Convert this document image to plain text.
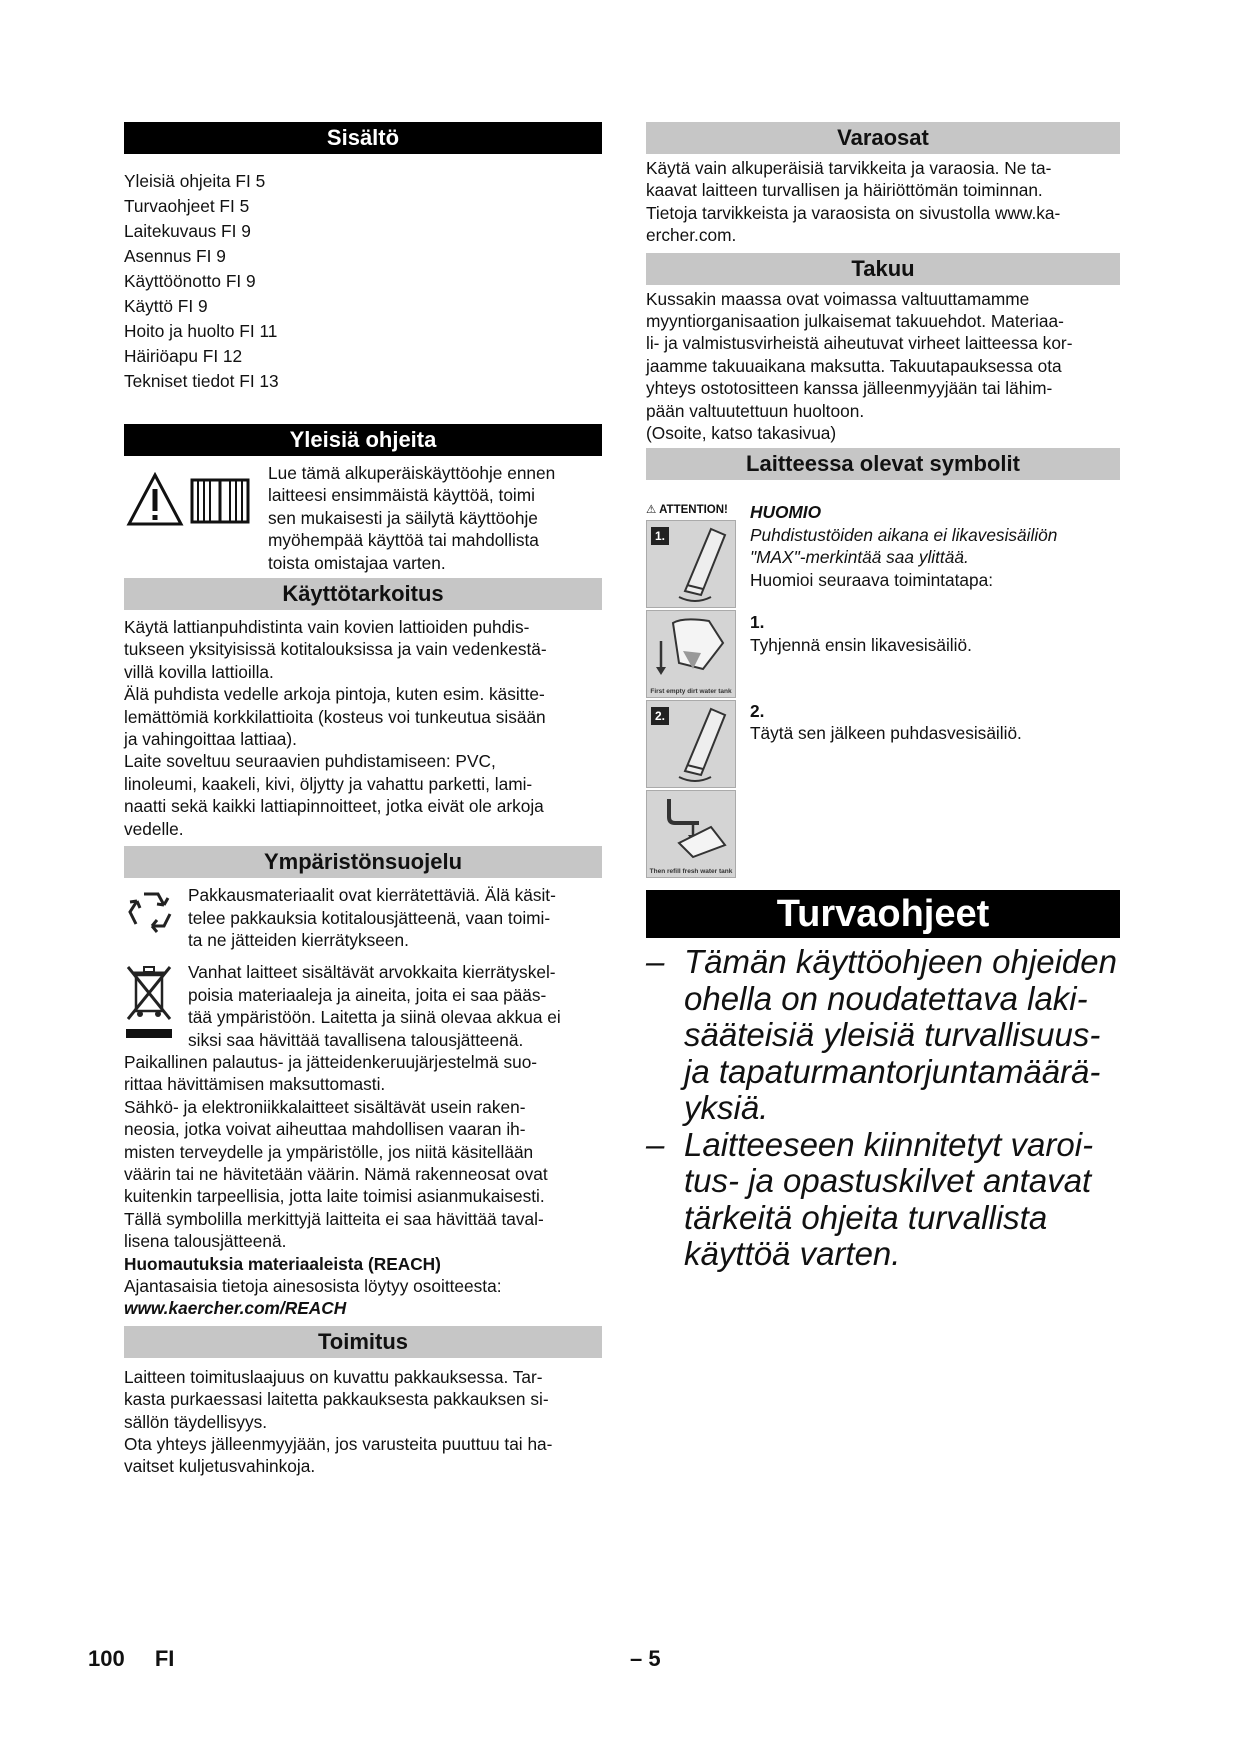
Sisältö
Yleisiä ohjeita FI 5
Turvaohjeet FI 5
Laitekuvaus FI 9
Asennus FI 9
Käyttöönotto FI 9
Käyttö FI 9
Hoito ja huolto FI 11
Häiriöapu FI 12
Tekniset tiedot FI 13
Yleisiä ohjeita
Lue tämä alkuperäiskäyttöohje ennen
laitteesi ensimmäistä käyttöä, toimi
sen mukaisesti ja säilytä käyttöohje
myöhempää käyttöä tai mahdollista
toista omistajaa varten.
Käyttötarkoitus
Käytä lattianpuhdistinta vain kovien lattioiden puhdis-
tukseen yksityisissä kotitalouksissa ja vain vedenkestä-
villä kovilla lattioilla.
Älä puhdista vedelle arkoja pintoja, kuten esim. käsitte-
lemättömiä korkkilattioita (kosteus voi tunkeutua sisään
ja vahingoittaa lattiaa).
Laite soveltuu seuraavien puhdistamiseen: PVC,
linoleumi, kaakeli, kivi, öljytty ja vahattu parketti, lami-
naatti sekä kaikki lattiapinnoitteet, jotka eivät ole arkoja
vedelle.
Ympäristönsuojelu
Pakkausmateriaalit ovat kierrätettäviä. Älä käsit-
telee pakkauksia kotitalousjätteenä, vaan toimi-
ta ne jätteiden kierrätykseen.
Vanhat laitteet sisältävät arvokkaita kierrätyskel-
poisia materiaaleja ja aineita, joita ei saa pääs-
tää ympäristöön. Laitetta ja siinä olevaa akkua ei
siksi saa hävittää tavallisena talousjätteenä.
Paikallinen palautus- ja jätteidenkeruujärjestelmä suo-
rittaa hävittämisen maksuttomasti.
Sähkö- ja elektroniikkalaitteet sisältävät usein raken-
neosia, jotka voivat aiheuttaa mahdollisen vaaran ih-
misten terveydelle ja ympäristölle, jos niitä käsitellään
väärin tai ne hävitetään väärin. Nämä rakenneosat ovat
kuitenkin tarpeellisia, jotta laite toimisi asianmukaisesti.
Tällä symbolilla merkittyjä laitteita ei saa hävittää taval-
lisena talousjätteenä.
Huomautuksia materiaaleista (REACH)
Ajantasaisia tietoja ainesosista löytyy osoitteesta:
www.kaercher.com/REACH
Toimitus
Laitteen toimituslaajuus on kuvattu pakkauksessa. Tar-
kasta purkaessasi laitetta pakkauksesta pakkauksen si-
sällön täydellisyys.
Ota yhteys jälleenmyyjään, jos varusteita puuttuu tai ha-
vaitset kuljetusvahinkoja.
Varaosat
Käytä vain alkuperäisiä tarvikkeita ja varaosia. Ne ta-
kaavat laitteen turvallisen ja häiriöttömän toiminnan.
Tietoja tarvikkeista ja varaosista on sivustolla www.ka-
ercher.com.
Takuu
Kussakin maassa ovat voimassa valtuuttamamme
myyntiorganisaation julkaisemat takuuehdot. Materiaa-
li- ja valmistusvirheistä aiheutuvat virheet laitteessa kor-
jaamme takuuaikana maksutta. Takuutapauksessa ota
yhteys ostotositteen kanssa jälleenmyyjään tai lähim-
pään valtuutettuun huoltoon.
(Osoite, katso takasivua)
Laitteessa olevat symbolit
⚠ ATTENTION!
1.
First empty dirt water tank
2.
Then refill fresh water tank
HUOMIO
Puhdistustöiden aikana ei likavesisäiliön
"MAX"-merkintää saa ylittää.
Huomioi seuraava toimintatapa:
1.
Tyhjennä ensin likavesisäiliö.
2.
Täytä sen jälkeen puhdasvesisäiliö.
Turvaohjeet
– Tämän käyttöohjeen ohjeiden
ohella on noudatettava laki-
sääteisiä yleisiä turvallisuus-
ja tapaturmantorjuntamäärä-
yksiä.
– Laitteeseen kiinnitetyt varoi-
tus- ja opastuskilvet antavat
tärkeitä ohjeita turvallista
käyttöä varten.
100 FI	– 5
